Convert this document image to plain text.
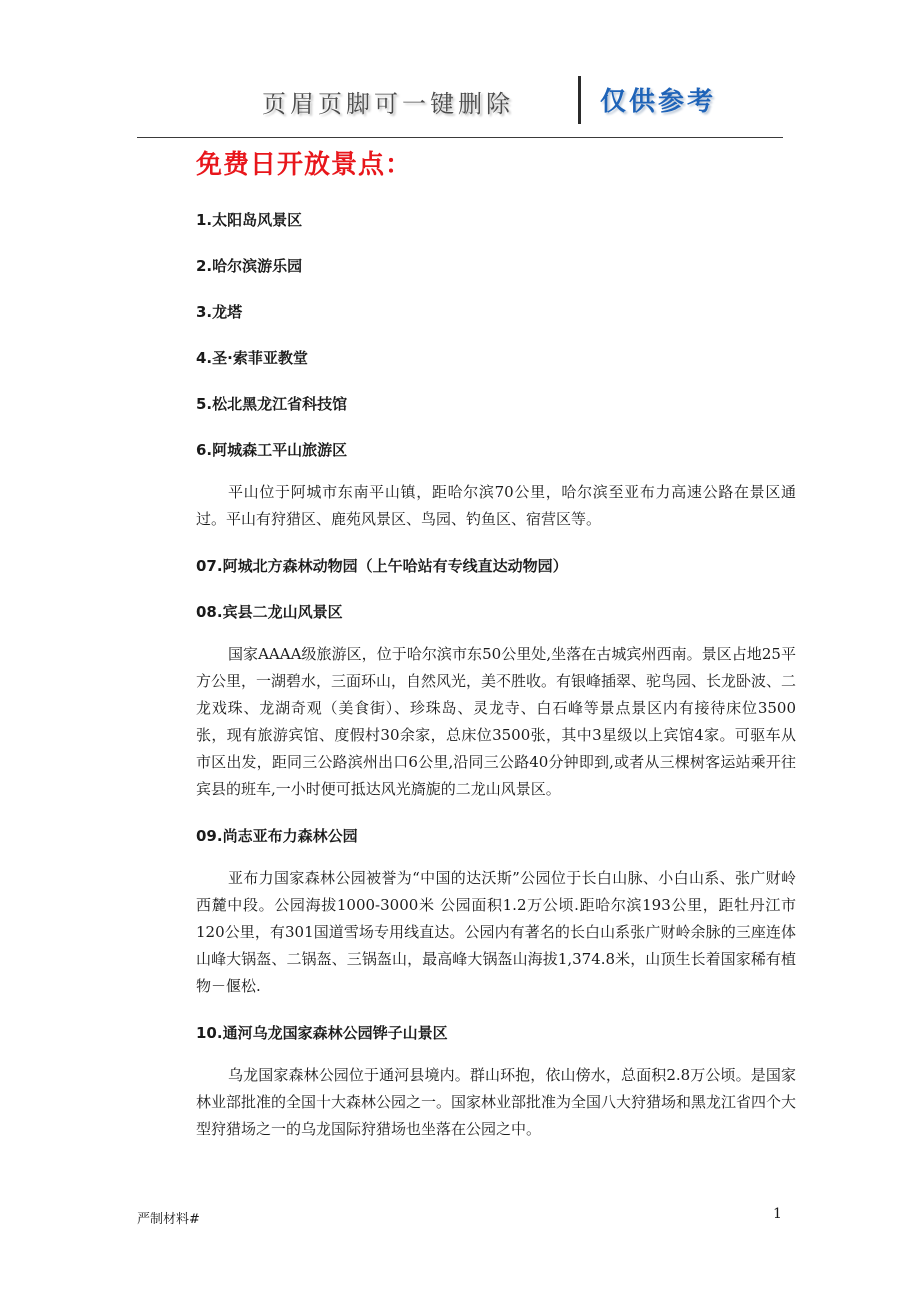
页眉页脚可一键删除	仅供参考
免费日开放景点：
1.太阳岛风景区
2.哈尔滨游乐园
3.龙塔
4.圣·索菲亚教堂
5.松北黑龙江省科技馆
6.阿城森工平山旅游区
平山位于阿城市东南平山镇，距哈尔滨70公里，哈尔滨至亚布力高速公路在景区通过。平山有狩猎区、鹿苑风景区、鸟园、钓鱼区、宿营区等。
07.阿城北方森林动物园（上午哈站有专线直达动物园）
08.宾县二龙山风景区
国家AAAA级旅游区，位于哈尔滨市东50公里处,坐落在古城宾州西南。景区占地25平方公里，一湖碧水，三面环山，自然风光，美不胜收。有银峰插翠、驼鸟园、长龙卧波、二龙戏珠、龙湖奇观（美食街）、珍珠岛、灵龙寺、白石峰等景点景区内有接待床位3500张，现有旅游宾馆、度假村30余家，总床位3500张，其中3星级以上宾馆4家。可驱车从市区出发，距同三公路滨州出口6公里,沿同三公路40分钟即到,或者从三棵树客运站乘开往宾县的班车,一小时便可抵达风光旖旎的二龙山风景区。
09.尚志亚布力森林公园
亚布力国家森林公园被誉为“中国的达沃斯”公园位于长白山脉、小白山系、张广财岭西麓中段。公园海拔1000-3000米 公园面积1.2万公顷.距哈尔滨193公里，距牡丹江市120公里，有301国道雪场专用线直达。公园内有著名的长白山系张广财岭余脉的三座连体山峰大锅盔、二锅盔、三锅盔山，最高峰大锅盔山海拔1,374.8米，山顶生长着国家稀有植物－偃松.
10.通河乌龙国家森林公园铧子山景区
乌龙国家森林公园位于通河县境内。群山环抱，依山傍水，总面积2.8万公顷。是国家林业部批准的全国十大森林公园之一。国家林业部批准为全国八大狩猎场和黑龙江省四个大型狩猎场之一的乌龙国际狩猎场也坐落在公园之中。
严制材料#	1
